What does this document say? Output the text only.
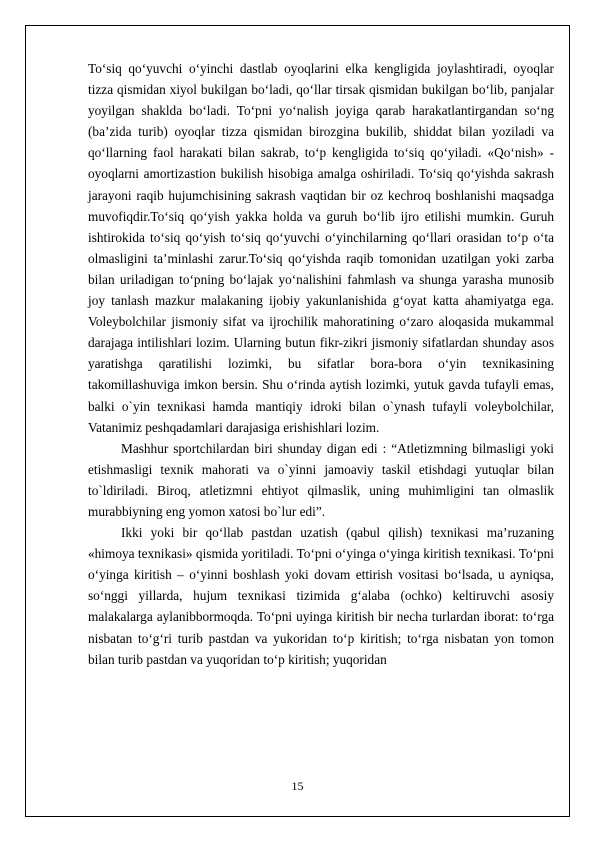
To‘siq qo‘yuvchi o‘yinchi dastlab oyoqlarini elka kengligida joylashtiradi, oyoqlar tizza qismidan xiyol bukilgan bo‘ladi, qo‘llar tirsak qismidan bukilgan bo‘lib, panjalar yoyilgan shaklda bo‘ladi. To‘pni yo‘nalish joyiga qarab harakatlantirgandan so‘ng (ba’zida turib) oyoqlar tizza qismidan birozgina bukilib, shiddat bilan yoziladi va qo‘llarning faol harakati bilan sakrab, to‘p kengligida to‘siq qo‘yiladi. «Qo‘nish» - oyoqlarni amortizastion bukilish hisobiga amalga oshiriladi. To‘siq qo‘yishda sakrash jarayoni raqib hujumchisining sakrash vaqtidan bir oz kechroq boshlanishi maqsadga muvofiqdir.To‘siq qo‘yish yakka holda va guruh bo‘lib ijro etilishi mumkin. Guruh ishtirokida to‘siq qo‘yish to‘siq qo‘yuvchi o‘yinchilarning qo‘llari orasidan to‘p o‘ta olmasligini ta’minlashi zarur.To‘siq qo‘yishda raqib tomonidan uzatilgan yoki zarba bilan uriladigan to‘pning bo‘lajak yo‘nalishini fahmlash va shunga yarasha munosib joy tanlash mazkur malakaning ijobiy yakunlanishida g‘oyat katta ahamiyatga ega. Voleybolchilar jismoniy sifat va ijrochilik mahoratining o‘zaro aloqasida mukammal darajaga intilishlari lozim. Ularning butun fikr-zikri jismoniy sifatlardan shunday asos yaratishga qaratilishi lozimki, bu sifatlar bora-bora o‘yin texnikasining takomillashuviga imkon bersin. Shu o‘rinda aytish lozimki, yutuk gavda tufayli emas, balki o`yin texnikasi hamda mantiqiy idroki bilan o`ynash tufayli voleybolchilar, Vatanimiz peshqadamlari darajasiga erishishlari lozim.

Mashhur sportchilardan biri shunday digan edi : “Atletizmning bilmasligi yoki etishmasligi texnik mahorati va o`yinni jamoaviy taskil etishdagi yutuqlar bilan to`ldiriladi. Biroq, atletizmni ehtiyot qilmaslik, uning muhimligini tan olmaslik murabbiyning eng yomon xatosi bo`lur edi”.

Ikki yoki bir qo‘llab pastdan uzatish (qabul qilish) texnikasi ma’ruzaning «himoya texnikasi» qismida yoritiladi. To‘pni o‘yinga o‘yinga kiritish texnikasi. To‘pni o‘yinga kiritish – o‘yinni boshlash yoki dovam ettirish vositasi bo‘lsada, u ayniqsa, so‘nggi yillarda, hujum texnikasi tizimida g‘alaba (ochko) keltiruvchi asosiy malakalarga aylanibbormoqda. To‘pni uyinga kiritish bir necha turlardan iborat: to‘rga nisbatan to‘g‘ri turib pastdan va yukoridan to‘p kiritish; to‘rga nisbatan yon tomon bilan turib pastdan va yuqoridan to‘p kiritish; yuqoridan

15
